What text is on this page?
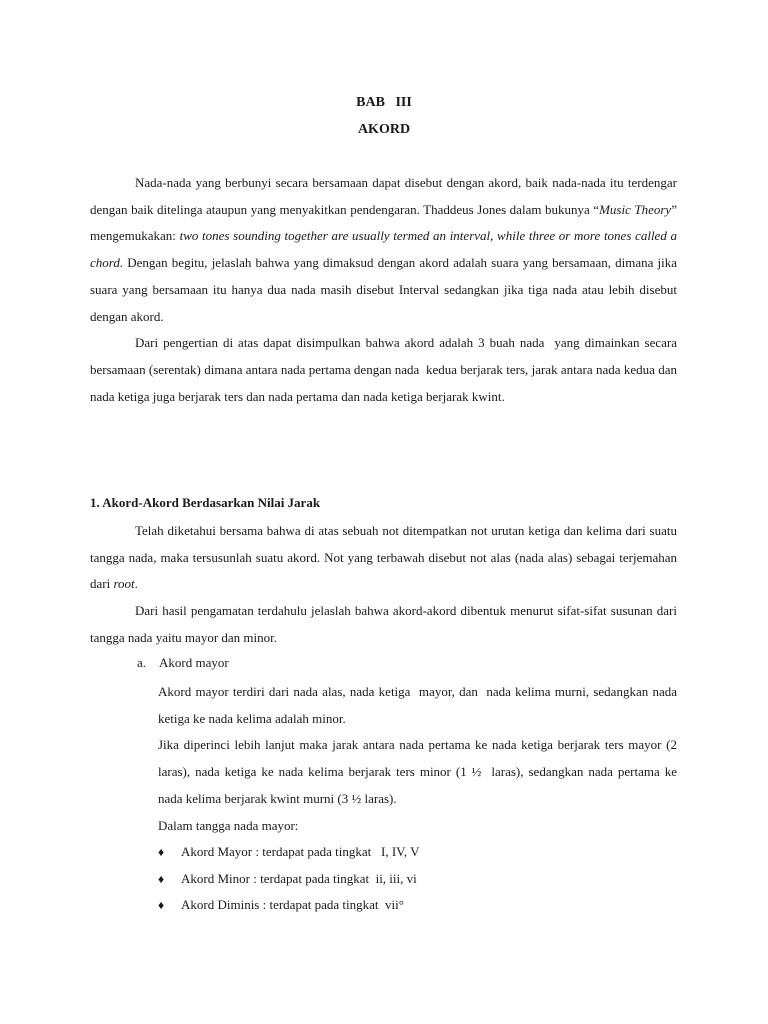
BAB   III
AKORD

Nada-nada yang berbunyi secara bersamaan dapat disebut dengan akord, baik nada-nada itu terdengar dengan baik ditelinga ataupun yang menyakitkan pendengaran. Thaddeus Jones dalam bukunya “Music Theory” mengemukakan: two tones sounding together are usually termed an interval, while three or more tones called a chord. Dengan begitu, jelaslah bahwa yang dimaksud dengan akord adalah suara yang bersamaan, dimana jika suara yang bersamaan itu hanya dua nada masih disebut Interval sedangkan jika tiga nada atau lebih disebut dengan akord.

Dari pengertian di atas dapat disimpulkan bahwa akord adalah 3 buah nada  yang dimainkan secara bersamaan (serentak) dimana antara nada pertama dengan nada  kedua berjarak ters, jarak antara nada kedua dan nada ketiga juga berjarak ters dan nada pertama dan nada ketiga berjarak kwint.

1. Akord-Akord Berdasarkan Nilai Jarak

Telah diketahui bersama bahwa di atas sebuah not ditempatkan not urutan ketiga dan kelima dari suatu tangga nada, maka tersusunlah suatu akord. Not yang terbawah disebut not alas (nada alas) sebagai terjemahan dari root.

Dari hasil pengamatan terdahulu jelaslah bahwa akord-akord dibentuk menurut sifat-sifat susunan dari tangga nada yaitu mayor dan minor.

a. Akord mayor

Akord mayor terdiri dari nada alas, nada ketiga  mayor, dan  nada kelima murni, sedangkan nada ketiga ke nada kelima adalah minor.

Jika diperinci lebih lanjut maka jarak antara nada pertama ke nada ketiga berjarak ters mayor (2 laras), nada ketiga ke nada kelima berjarak ters minor (1 ½  laras), sedangkan nada pertama ke nada kelima berjarak kwint murni (3 ½ laras).

Dalam tangga nada mayor:

♦ Akord Mayor : terdapat pada tingkat   I, IV, V
♦ Akord Minor : terdapat pada tingkat  ii, iii, vi
♦ Akord Diminis : terdapat pada tingkat  vii°
